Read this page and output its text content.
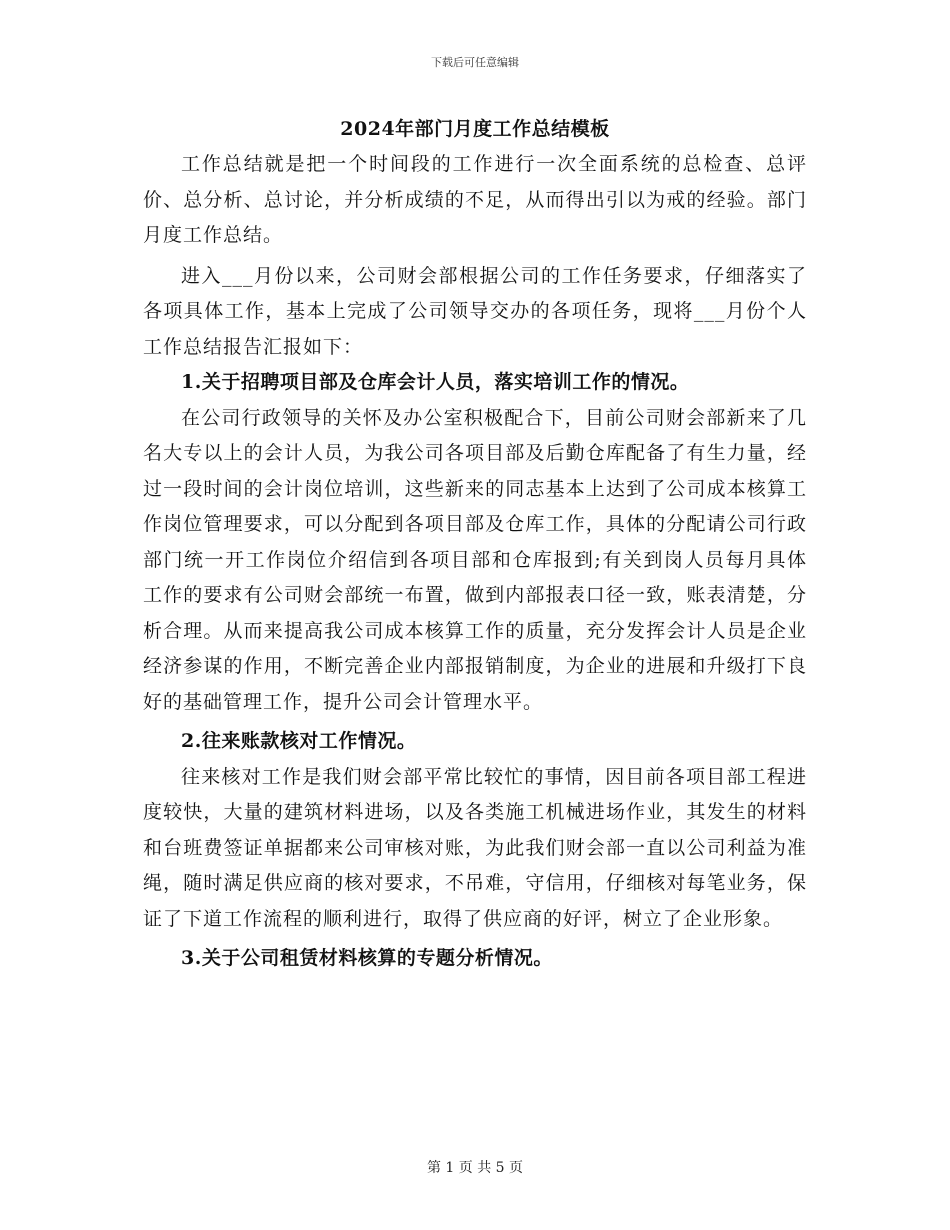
下载后可任意编辑
2024年部门月度工作总结模板

工作总结就是把一个时间段的工作进行一次全面系统的总检查、总评价、总分析、总讨论，并分析成绩的不足，从而得出引以为戒的经验。部门月度工作总结。

进入___月份以来，公司财会部根据公司的工作任务要求，仔细落实了各项具体工作，基本上完成了公司领导交办的各项任务，现将___月份个人工作总结报告汇报如下：

1.关于招聘项目部及仓库会计人员，落实培训工作的情况。

在公司行政领导的关怀及办公室积极配合下，目前公司财会部新来了几名大专以上的会计人员，为我公司各项目部及后勤仓库配备了有生力量，经过一段时间的会计岗位培训，这些新来的同志基本上达到了公司成本核算工作岗位管理要求，可以分配到各项目部及仓库工作，具体的分配请公司行政部门统一开工作岗位介绍信到各项目部和仓库报到;有关到岗人员每月具体工作的要求有公司财会部统一布置，做到内部报表口径一致，账表清楚，分析合理。从而来提高我公司成本核算工作的质量，充分发挥会计人员是企业经济参谋的作用，不断完善企业内部报销制度，为企业的进展和升级打下良好的基础管理工作，提升公司会计管理水平。

2.往来账款核对工作情况。

往来核对工作是我们财会部平常比较忙的事情，因目前各项目部工程进度较快，大量的建筑材料进场，以及各类施工机械进场作业，其发生的材料和台班费签证单据都来公司审核对账，为此我们财会部一直以公司利益为准绳，随时满足供应商的核对要求，不吊难，守信用，仔细核对每笔业务，保证了下道工作流程的顺利进行，取得了供应商的好评，树立了企业形象。

3.关于公司租赁材料核算的专题分析情况。

第 1 页 共 5 页
